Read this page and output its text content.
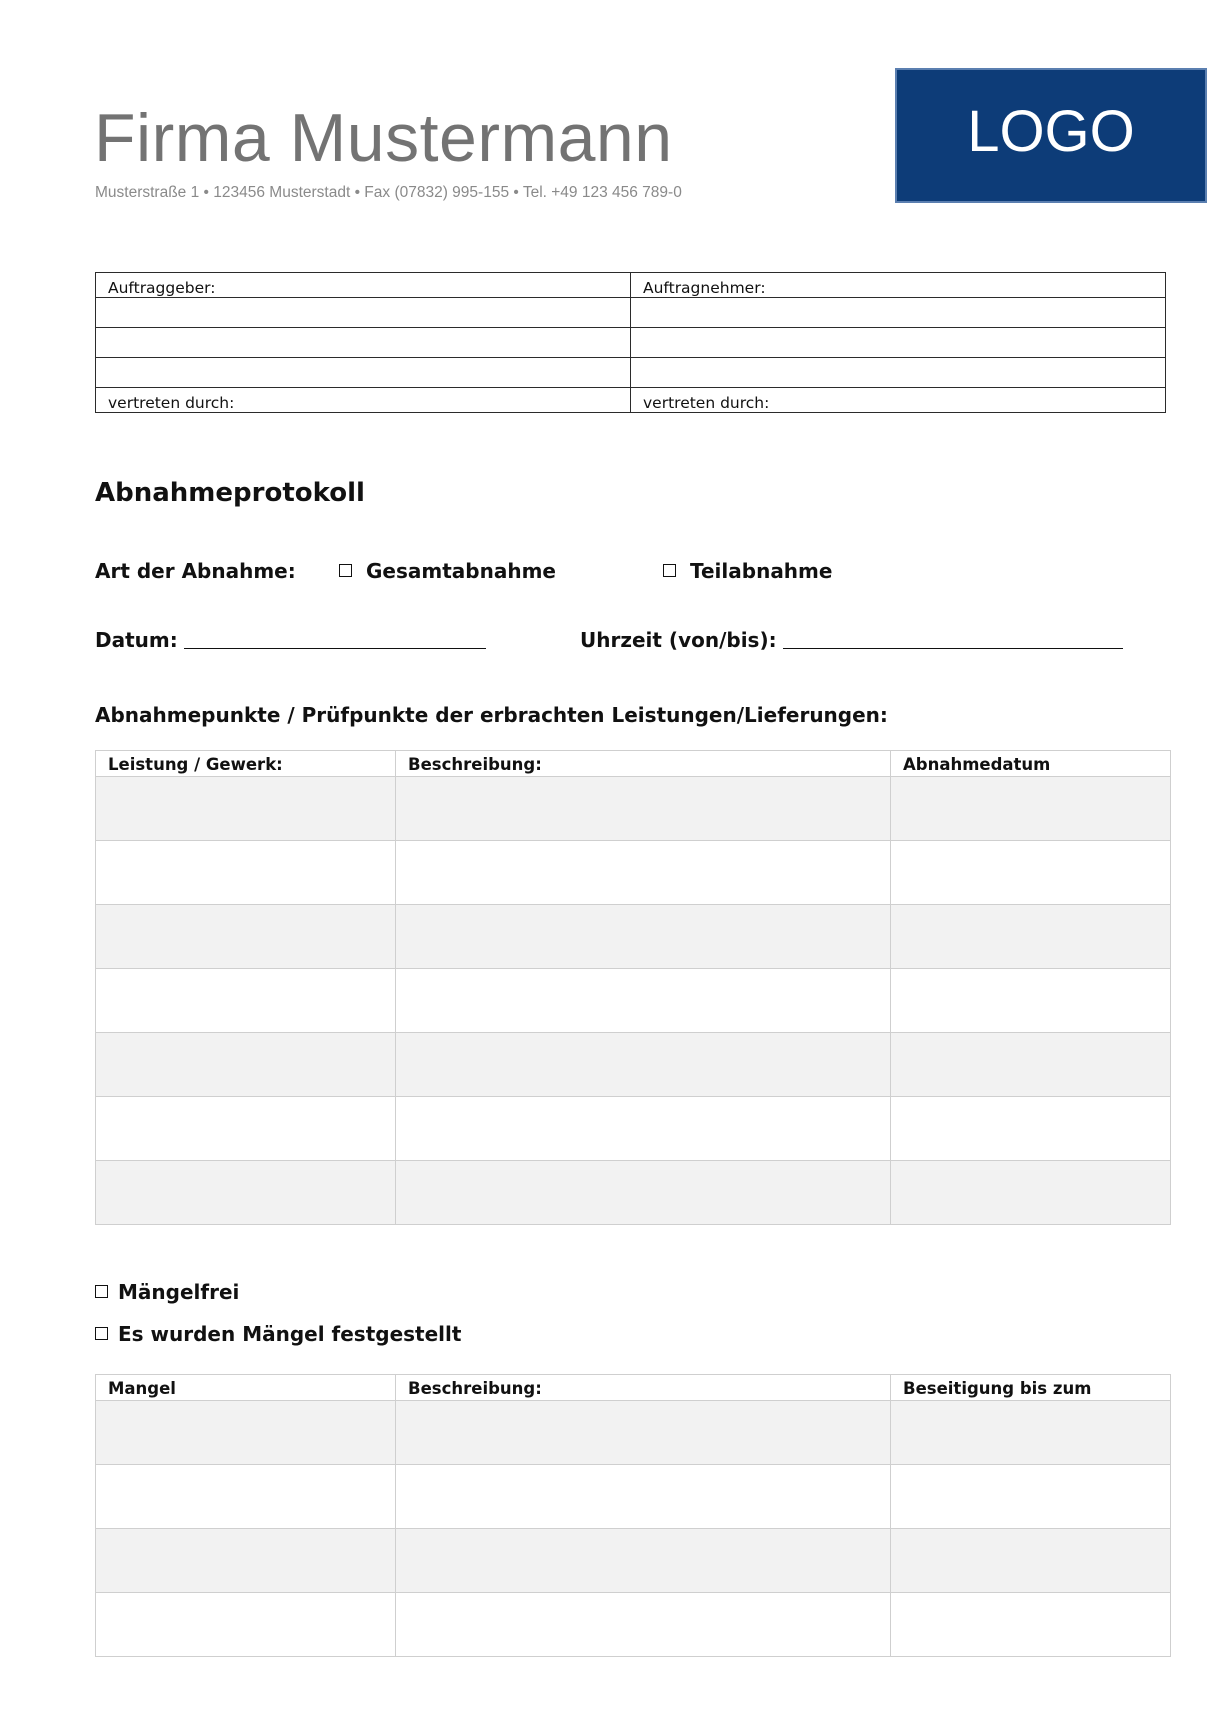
Firma Mustermann
Musterstraße 1 • 123456 Musterstadt • Fax (07832) 995-155 • Tel. +49 123 456 789-0
LOGO
Auftraggeber:	Auftragnehmer:

vertreten durch:	vertreten durch:
Abnahmeprotokoll
Art der Abnahme:	Gesamtabnahme	Teilabnahme
Datum:	Uhrzeit (von/bis):
Abnahmepunkte / Prüfpunkte der erbrachten Leistungen/Lieferungen:
Leistung / Gewerk:	Beschreibung:	Abnahmedatum

Mängelfrei
Es wurden Mängel festgestellt
Mangel	Beschreibung:	Beseitigung bis zum
